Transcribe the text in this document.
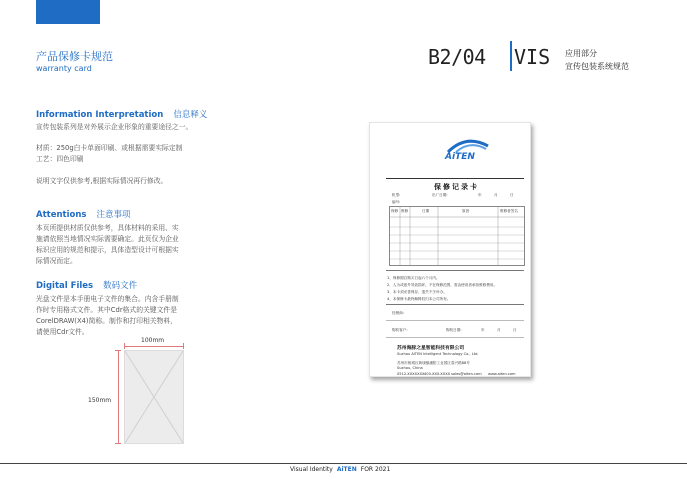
产品保修卡规范
warranty card	B2/04 VIS 应用部分
宣传包装系统规范
Information Interpretation 信息释义
宣传包装系列是对外展示企业形象的重要途径之一。
材质：250g白卡单面印刷、或根据需要实际定制
工艺：四色印刷
说明文字仅供参考,根据实际情况再行修改。
Attentions 注意事项
本页所提供材质仅供参考，具体材料的采用、实
施请依照当地情况实际需要确定。此页仅为企业
标识应用的规范和提示，具体造型设计可根据实
际情况而定。
Digital Files 数码文件
光盘文件是本手册电子文件的集合。内含手册制
作时专用格式文件。其中Cdr格式的关键文件是
CorelDRAW(X4)简称。制作和打印相关物料，
请使用Cdr文件。
100mm
150mm
AiTEN
保修记录卡
机型:	出厂日期:	年	月	日
编号:
保修 维修	日期	原因	维修者签名
1、保修期自购买日起六个月内。
2、人为或意外导致损坏，不在保修范围，需由使用者承担维修费用。
3、本卡须妥善保存，遗失不予补办。
4、本保修卡最终解释权归本公司所有。
经销商:
购机客户:	购机日期:	年	月	日
苏州海豚之星智能科技有限公司
Suzhou AiTEN Intelligent Technology Co., Ltd.
苏州市相城区黄埭镇潘阳工业园区春兴路88号
Suzhou, China
0512-XXXXXXX 400-XXX-XXXX sales@aiten.com www.aiten.com
Visual Identity AiTEN FOR 2021
